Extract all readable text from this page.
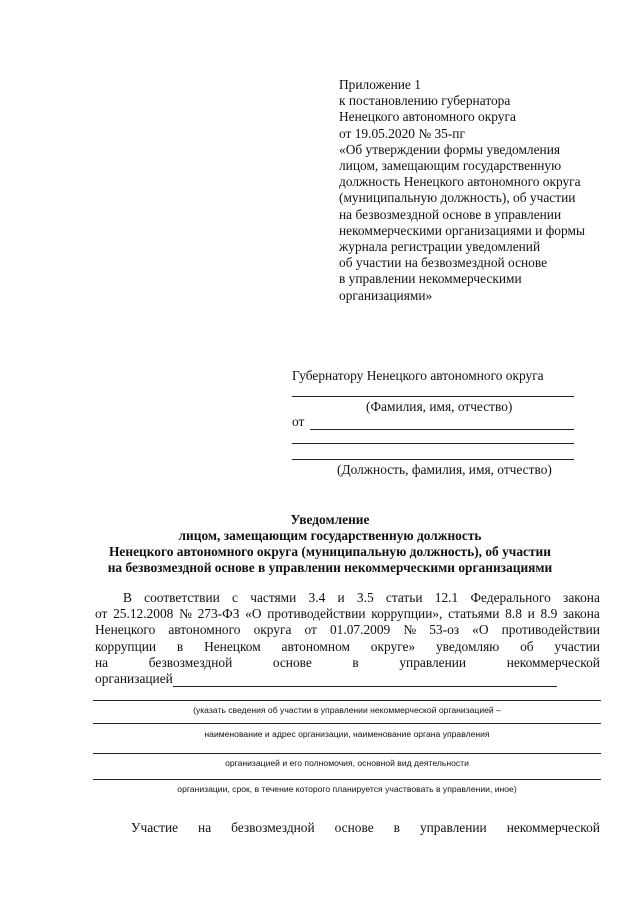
Приложение 1
к постановлению губернатора
Ненецкого автономного округа
от 19.05.2020 № 35-пг
«Об утверждении формы уведомления
лицом, замещающим государственную
должность Ненецкого автономного округа
(муниципальную должность), об участии
на безвозмездной основе в управлении
некоммерческими организациями и формы
журнала регистрации уведомлений
об участии на безвозмездной основе
в управлении некоммерческими
организациями»
Губернатору Ненецкого автономного округа
(Фамилия, имя, отчество)
от
(Должность, фамилия, имя, отчество)
Уведомление
лицом, замещающим государственную должность
Ненецкого автономного округа (муниципальную должность), об участии
на безвозмездной основе в управлении некоммерческими организациями
В соответствии с частями 3.4 и 3.5 статьи 12.1 Федерального закона
от 25.12.2008 № 273-ФЗ «О противодействии коррупции», статьями 8.8 и 8.9 закона
Ненецкого автономного округа от 01.07.2009 № 53-оз «О противодействии
коррупции в Ненецком автономном округе» уведомляю об участии
на	безвозмездной	основе	в	управлении	некоммерческой
организацией
(указать сведения об участии в управлении некоммерческой организацией –
наименование и адрес организации, наименование органа управления
организацией и его полномочия, основной вид деятельности
организации, срок, в течение которого планируется участвовать в управлении, иное)
Участие на безвозмездной основе в управлении некоммерческой
